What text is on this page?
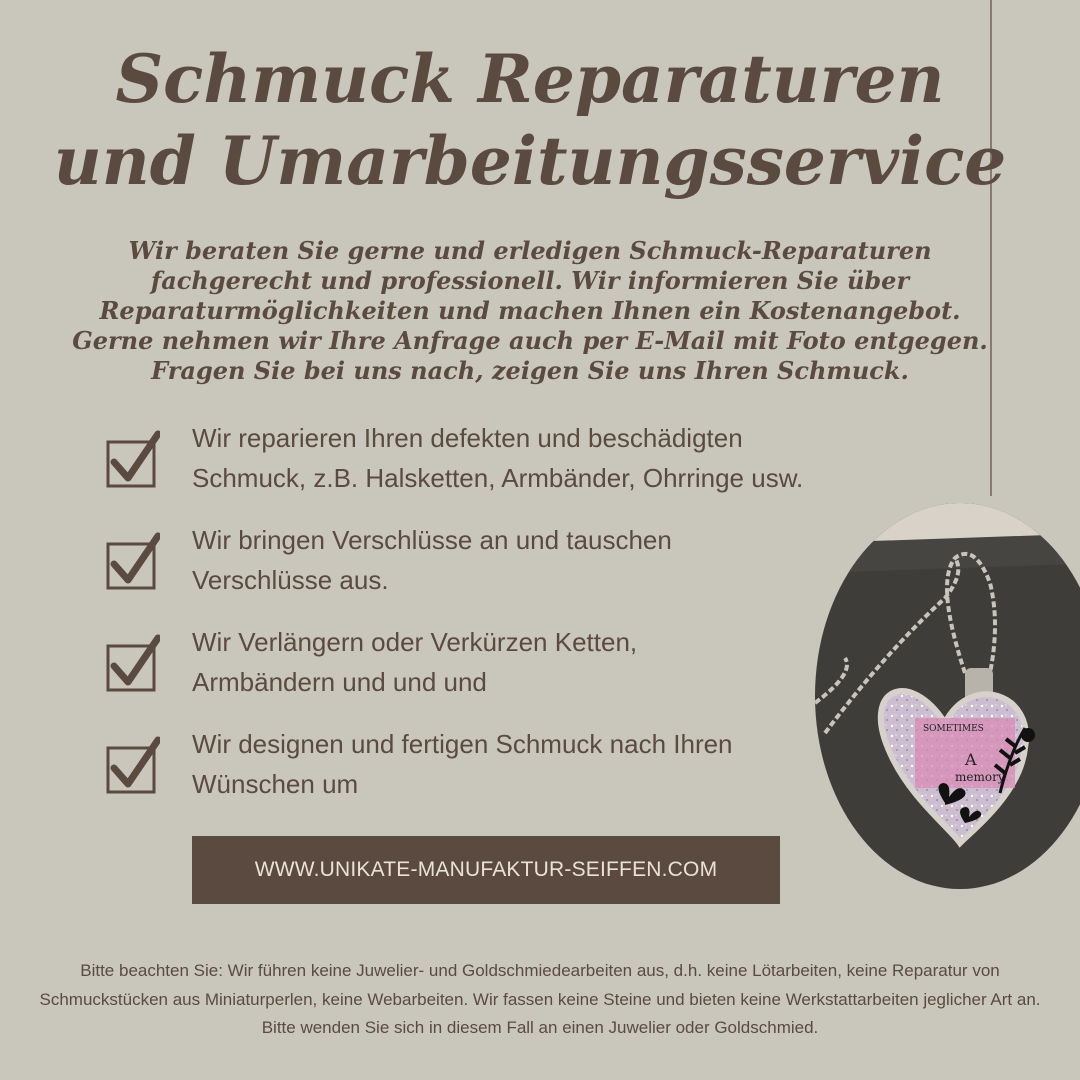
Schmuck Reparaturen und Umarbeitungsservice

Wir beraten Sie gerne und erledigen Schmuck-Reparaturen fachgerecht und professionell. Wir informieren Sie über Reparaturmöglichkeiten und machen Ihnen ein Kostenangebot. Gerne nehmen wir Ihre Anfrage auch per E-Mail mit Foto entgegen. Fragen Sie bei uns nach, zeigen Sie uns Ihren Schmuck.

Wir reparieren Ihren defekten und beschädigten
Schmuck, z.B. Halsketten, Armbänder, Ohrringe usw.
Wir bringen Verschlüsse an und tauschen
Verschlüsse aus.
Wir Verlängern oder Verkürzen Ketten,
Armbändern und und und
Wir designen und fertigen Schmuck nach Ihren
Wünschen um
WWW.UNIKATE-MANUFAKTUR-SEIFFEN.COM
SOMETIMES
A
memory

Bitte beachten Sie: Wir führen keine Juwelier- und Goldschmiedearbeiten aus, d.h. keine Lötarbeiten, keine Reparatur von Schmuckstücken aus Miniaturperlen, keine Webarbeiten. Wir fassen keine Steine und bieten keine Werkstattarbeiten jeglicher Art an. Bitte wenden Sie sich in diesem Fall an einen Juwelier oder Goldschmied.
